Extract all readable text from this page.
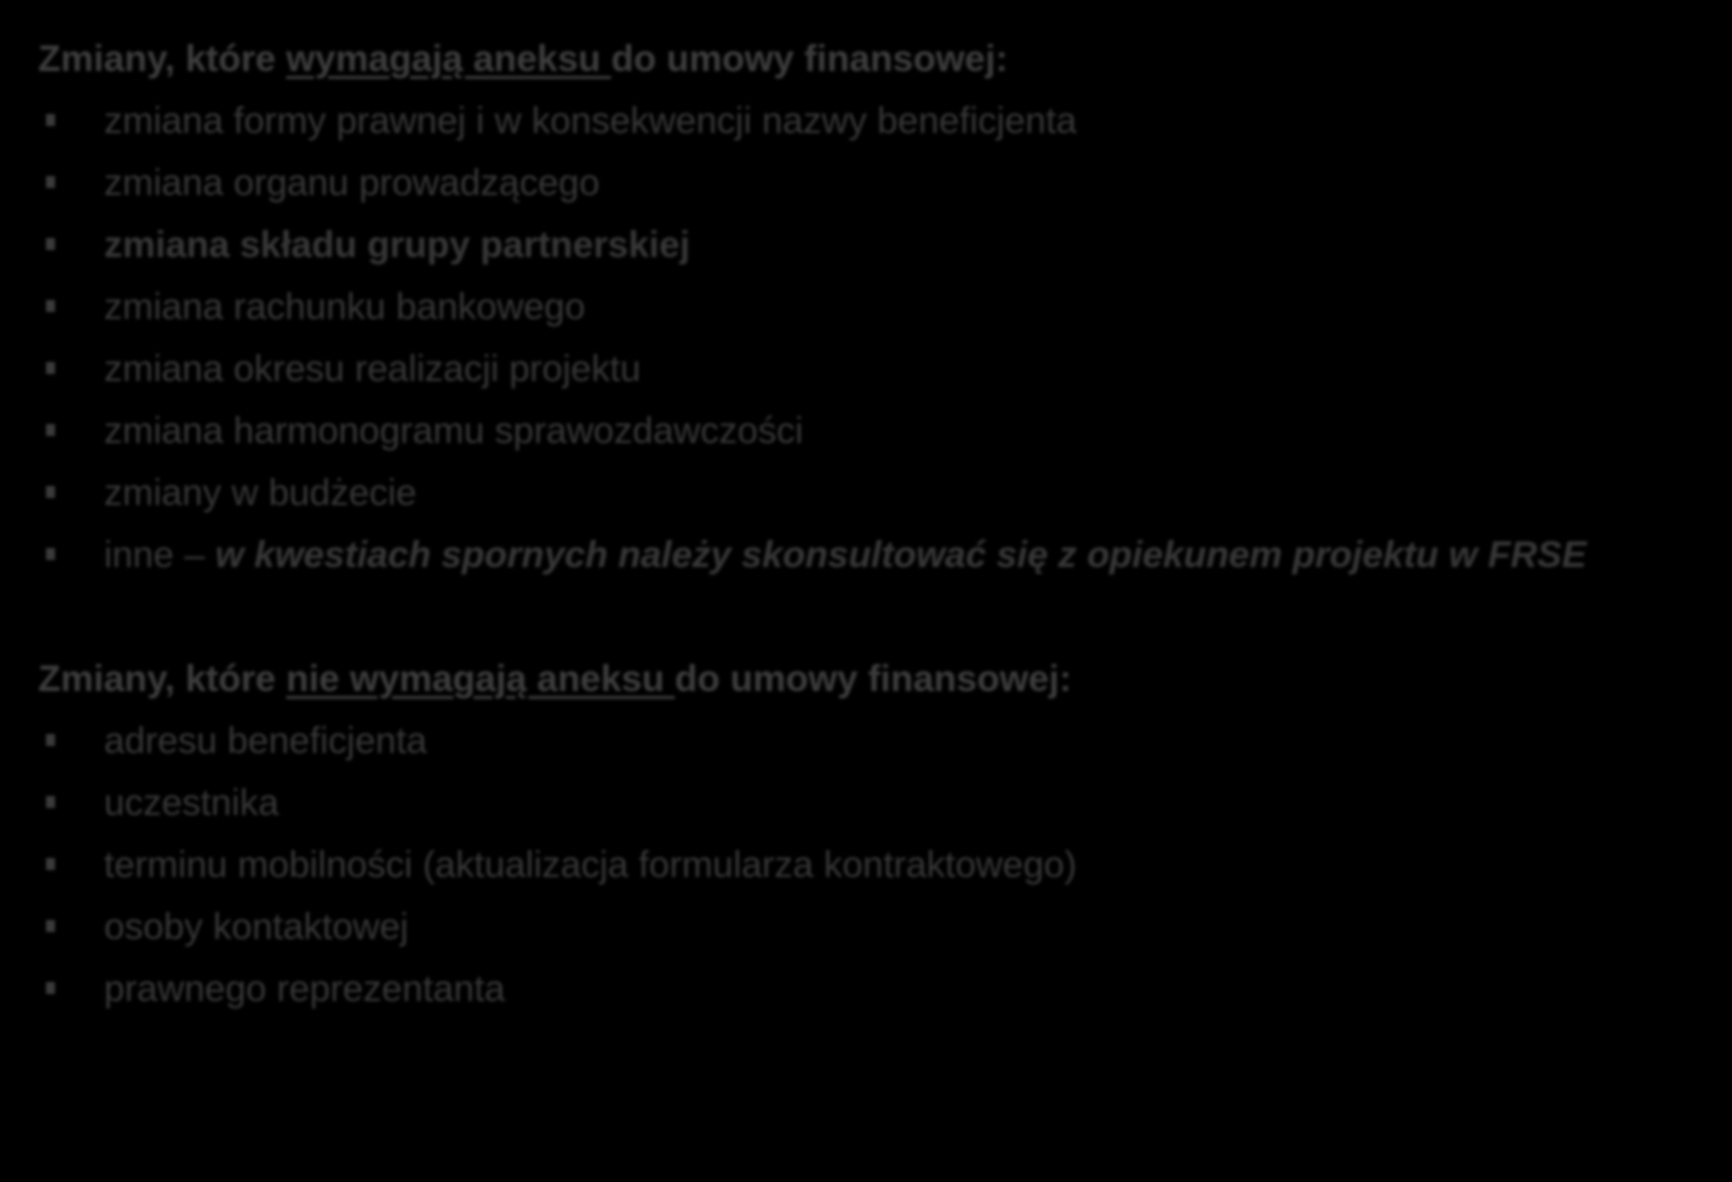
Zmiany, które wymagają aneksu do umowy finansowej:

zmiana formy prawnej i w konsekwencji nazwy beneficjenta
zmiana organu prowadzącego
zmiana składu grupy partnerskiej
zmiana rachunku bankowego
zmiana okresu realizacji projektu
zmiana harmonogramu sprawozdawczości
zmiany w budżecie
inne – w kwestiach spornych należy skonsultować się z opiekunem projektu w FRSE

Zmiany, które nie wymagają aneksu do umowy finansowej:

adresu beneficjenta
uczestnika
terminu mobilności (aktualizacja formularza kontraktowego)
osoby kontaktowej
prawnego reprezentanta
